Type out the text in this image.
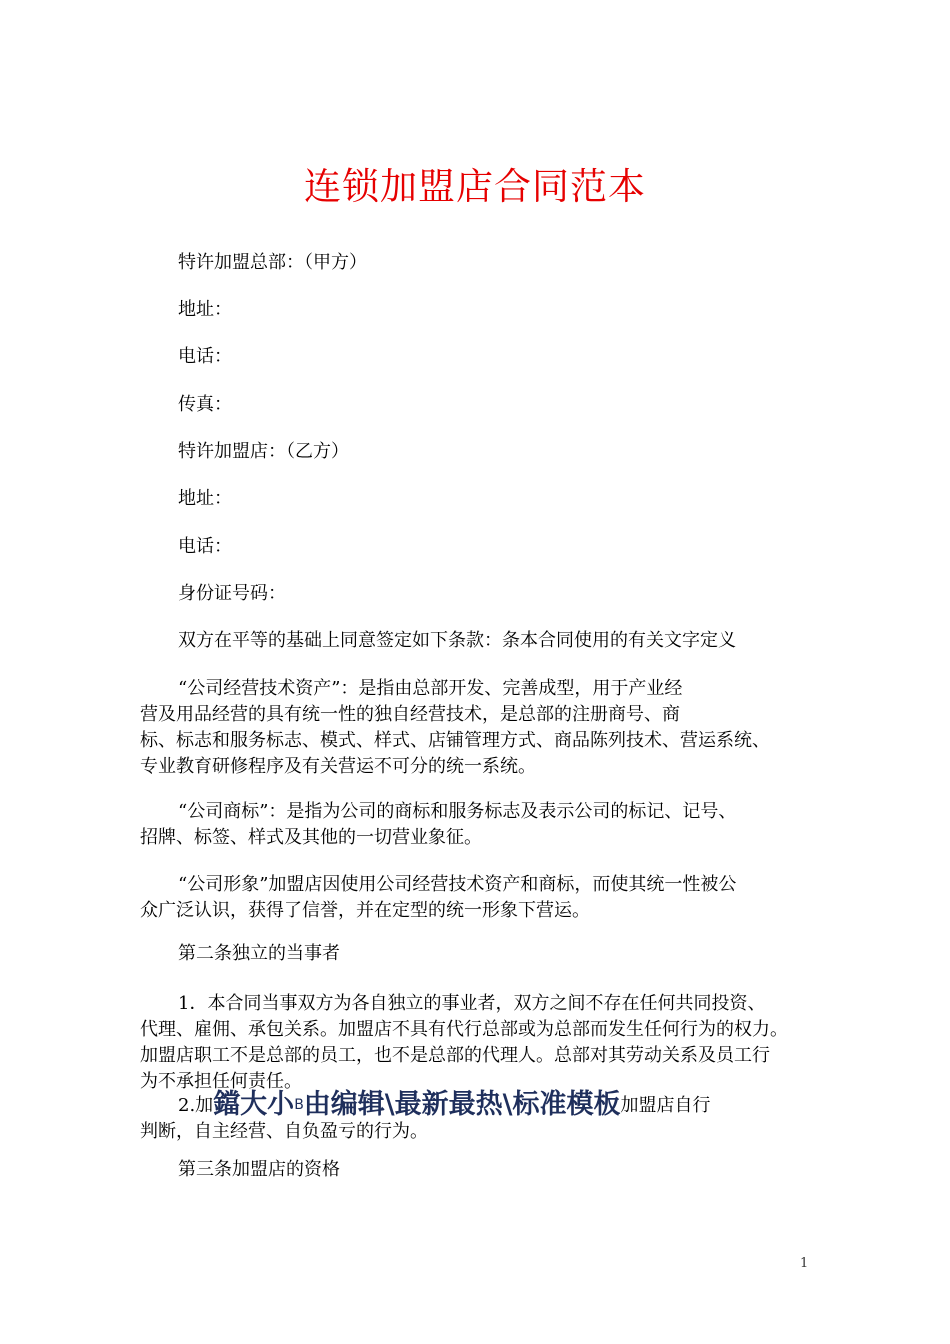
连锁加盟店合同范本
特许加盟总部：（甲方）
地址：
电话：
传真：
特许加盟店：（乙方）
地址：
电话：
身份证号码：
双方在平等的基础上同意签定如下条款：条本合同使用的有关文字定义
“公司经营技术资产”：是指由总部开发、完善成型，用于产业经
营及用品经营的具有统一性的独自经营技术，是总部的注册商号、商
标、标志和服务标志、模式、样式、店铺管理方式、商品陈列技术、营运系统、
专业教育研修程序及有关营运不可分的统一系统。
“公司商标”：是指为公司的商标和服务标志及表示公司的标记、记号、
招牌、标签、样式及其他的一切营业象征。
“公司形象”加盟店因使用公司经营技术资产和商标，而使其统一性被公
众广泛认识，获得了信誉，并在定型的统一形象下营运。
第二条独立的当事者
1．本合同当事双方为各自独立的事业者，双方之间不存在任何共同投资、
代理、雇佣、承包关系。加盟店不具有代行总部或为总部而发生任何行为的权力。
加盟店职工不是总部的员工，也不是总部的代理人。总部对其劳动关系及员工行
为不承担任何责任。
2.加鐺大小B由编辑\最新最热\标准模板加盟店自行
判断，自主经营、自负盈亏的行为。
第三条加盟店的资格
1
